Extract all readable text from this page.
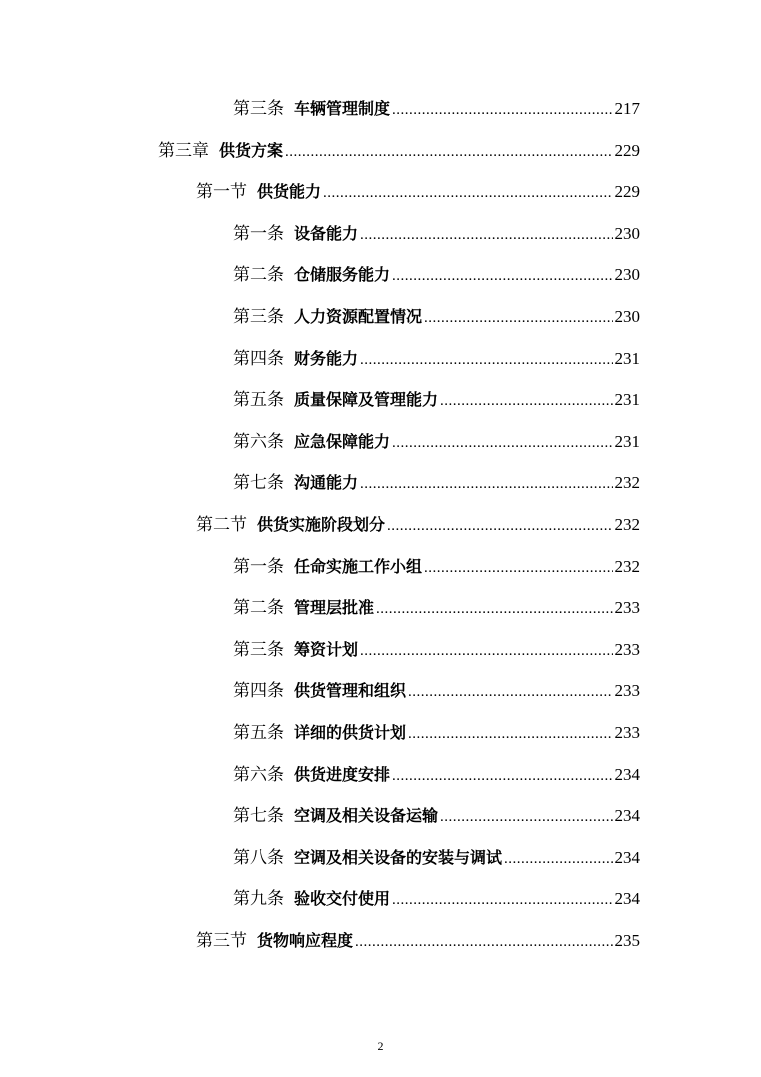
第三条 车辆管理制度 .....	217
第三章 供货方案 .....	229
第一节 供货能力 .....	229
第一条 设备能力 .....	230
第二条 仓储服务能力 .....	230
第三条 人力资源配置情况 .....	230
第四条 财务能力 .....	231
第五条 质量保障及管理能力 .....	231
第六条 应急保障能力 .....	231
第七条 沟通能力 .....	232
第二节 供货实施阶段划分 .....	232
第一条 任命实施工作小组 .....	232
第二条 管理层批准 .....	233
第三条 筹资计划 .....	233
第四条 供货管理和组织 .....	233
第五条 详细的供货计划 .....	233
第六条 供货进度安排 .....	234
第七条 空调及相关设备运输 .....	234
第八条 空调及相关设备的安装与调试 .....	234
第九条 验收交付使用 .....	234
第三节 货物响应程度 .....	235
2
